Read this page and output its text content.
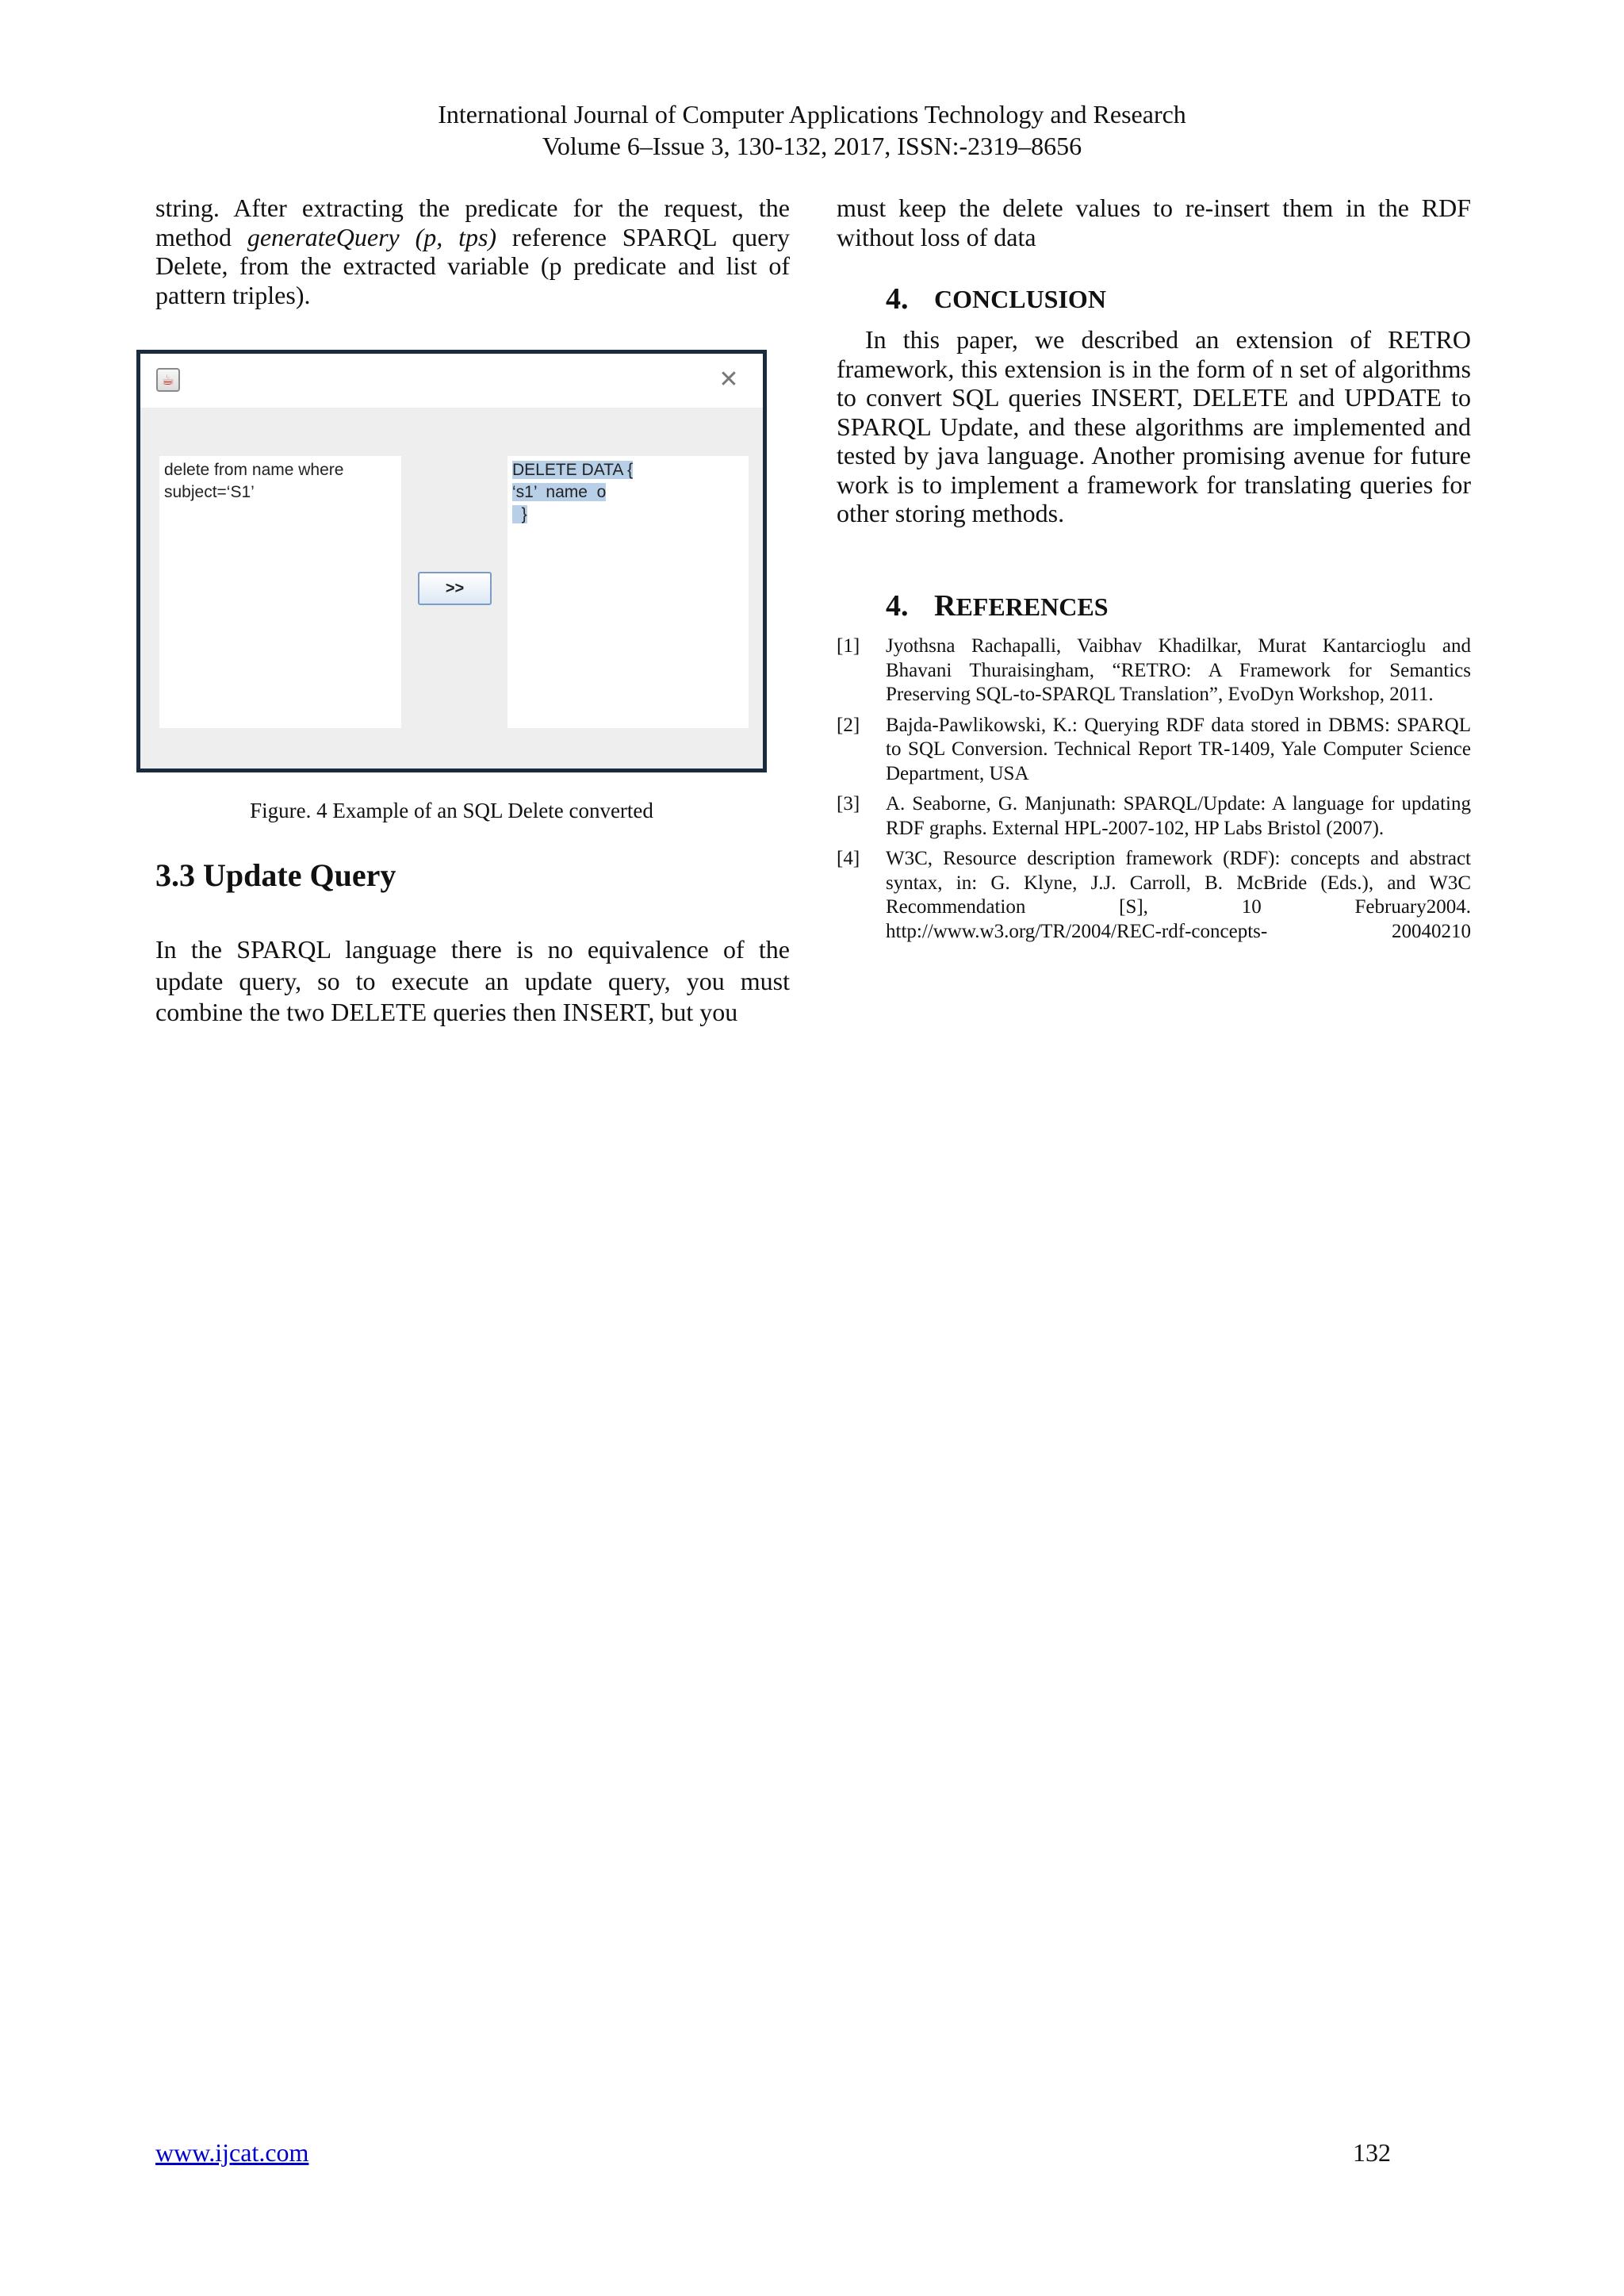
International Journal of Computer Applications Technology and Research
Volume 6–Issue 3, 130-132, 2017, ISSN:-2319–8656

string. After extracting the predicate for the request, the method generateQuery (p, tps) reference SPARQL query Delete, from the extracted variable (p predicate and list of pattern triples).

☕	✕
delete from name where
subject=‘S1’
>>
DELETE DATA {
‘s1’  name  o
}
Figure. 4 Example of an SQL Delete converted
3.3 Update Query

In the SPARQL language there is no equivalence of the update query, so to execute an update query, you must combine the two DELETE queries then INSERT, but you

must keep the delete values to re-insert them in the RDF without loss of data

4. CONCLUSION

In this paper, we described an extension of RETRO framework, this extension is in the form of n set of algorithms to convert SQL queries INSERT, DELETE and UPDATE to SPARQL Update, and these algorithms are implemented and tested by java language. Another promising avenue for future work is to implement a framework for translating queries for other storing methods.

4. REFERENCES
[1] Jyothsna Rachapalli, Vaibhav Khadilkar, Murat Kantarcioglu and Bhavani Thuraisingham, “RETRO: A Framework for Semantics Preserving SQL-to-SPARQL Translation”, EvoDyn Workshop, 2011.
[2] Bajda-Pawlikowski, K.: Querying RDF data stored in DBMS: SPARQL to SQL Conversion. Technical Report TR-1409, Yale Computer Science Department, USA
[3] A. Seaborne, G. Manjunath: SPARQL/Update: A language for updating RDF graphs. External HPL-2007-102, HP Labs Bristol (2007).
[4] W3C, Resource description framework (RDF): concepts and abstract syntax, in: G. Klyne, J.J. Carroll, B. McBride (Eds.), and W3C Recommendation [S], 10 February2004. http://www.w3.org/TR/2004/REC-rdf-concepts- 20040210
www.ijcat.com	132
